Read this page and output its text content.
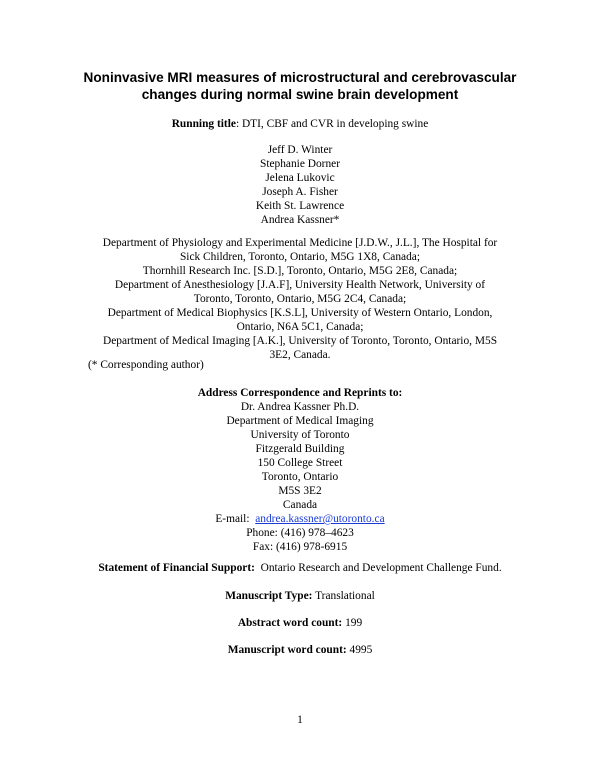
Noninvasive MRI measures of microstructural and cerebrovascular
changes during normal swine brain development
Running title: DTI, CBF and CVR in developing swine
Jeff D. Winter
Stephanie Dorner
Jelena Lukovic
Joseph A. Fisher
Keith St. Lawrence
Andrea Kassner*
Department of Physiology and Experimental Medicine [J.D.W., J.L.], The Hospital for
Sick Children, Toronto, Ontario, M5G 1X8, Canada;
Thornhill Research Inc. [S.D.], Toronto, Ontario, M5G 2E8, Canada;
Department of Anesthesiology [J.A.F], University Health Network, University of
Toronto, Toronto, Ontario, M5G 2C4, Canada;
Department of Medical Biophysics [K.S.L], University of Western Ontario, London,
Ontario, N6A 5C1, Canada;
Department of Medical Imaging [A.K.], University of Toronto, Toronto, Ontario, M5S
3E2, Canada.
(* Corresponding author)
Address Correspondence and Reprints to:
Dr. Andrea Kassner Ph.D.
Department of Medical Imaging
University of Toronto
Fitzgerald Building
150 College Street
Toronto, Ontario
M5S 3E2
Canada
E-mail: andrea.kassner@utoronto.ca
Phone: (416) 978–4623
Fax: (416) 978-6915
Statement of Financial Support: Ontario Research and Development Challenge Fund.
Manuscript Type: Translational
Abstract word count: 199
Manuscript word count: 4995
1
